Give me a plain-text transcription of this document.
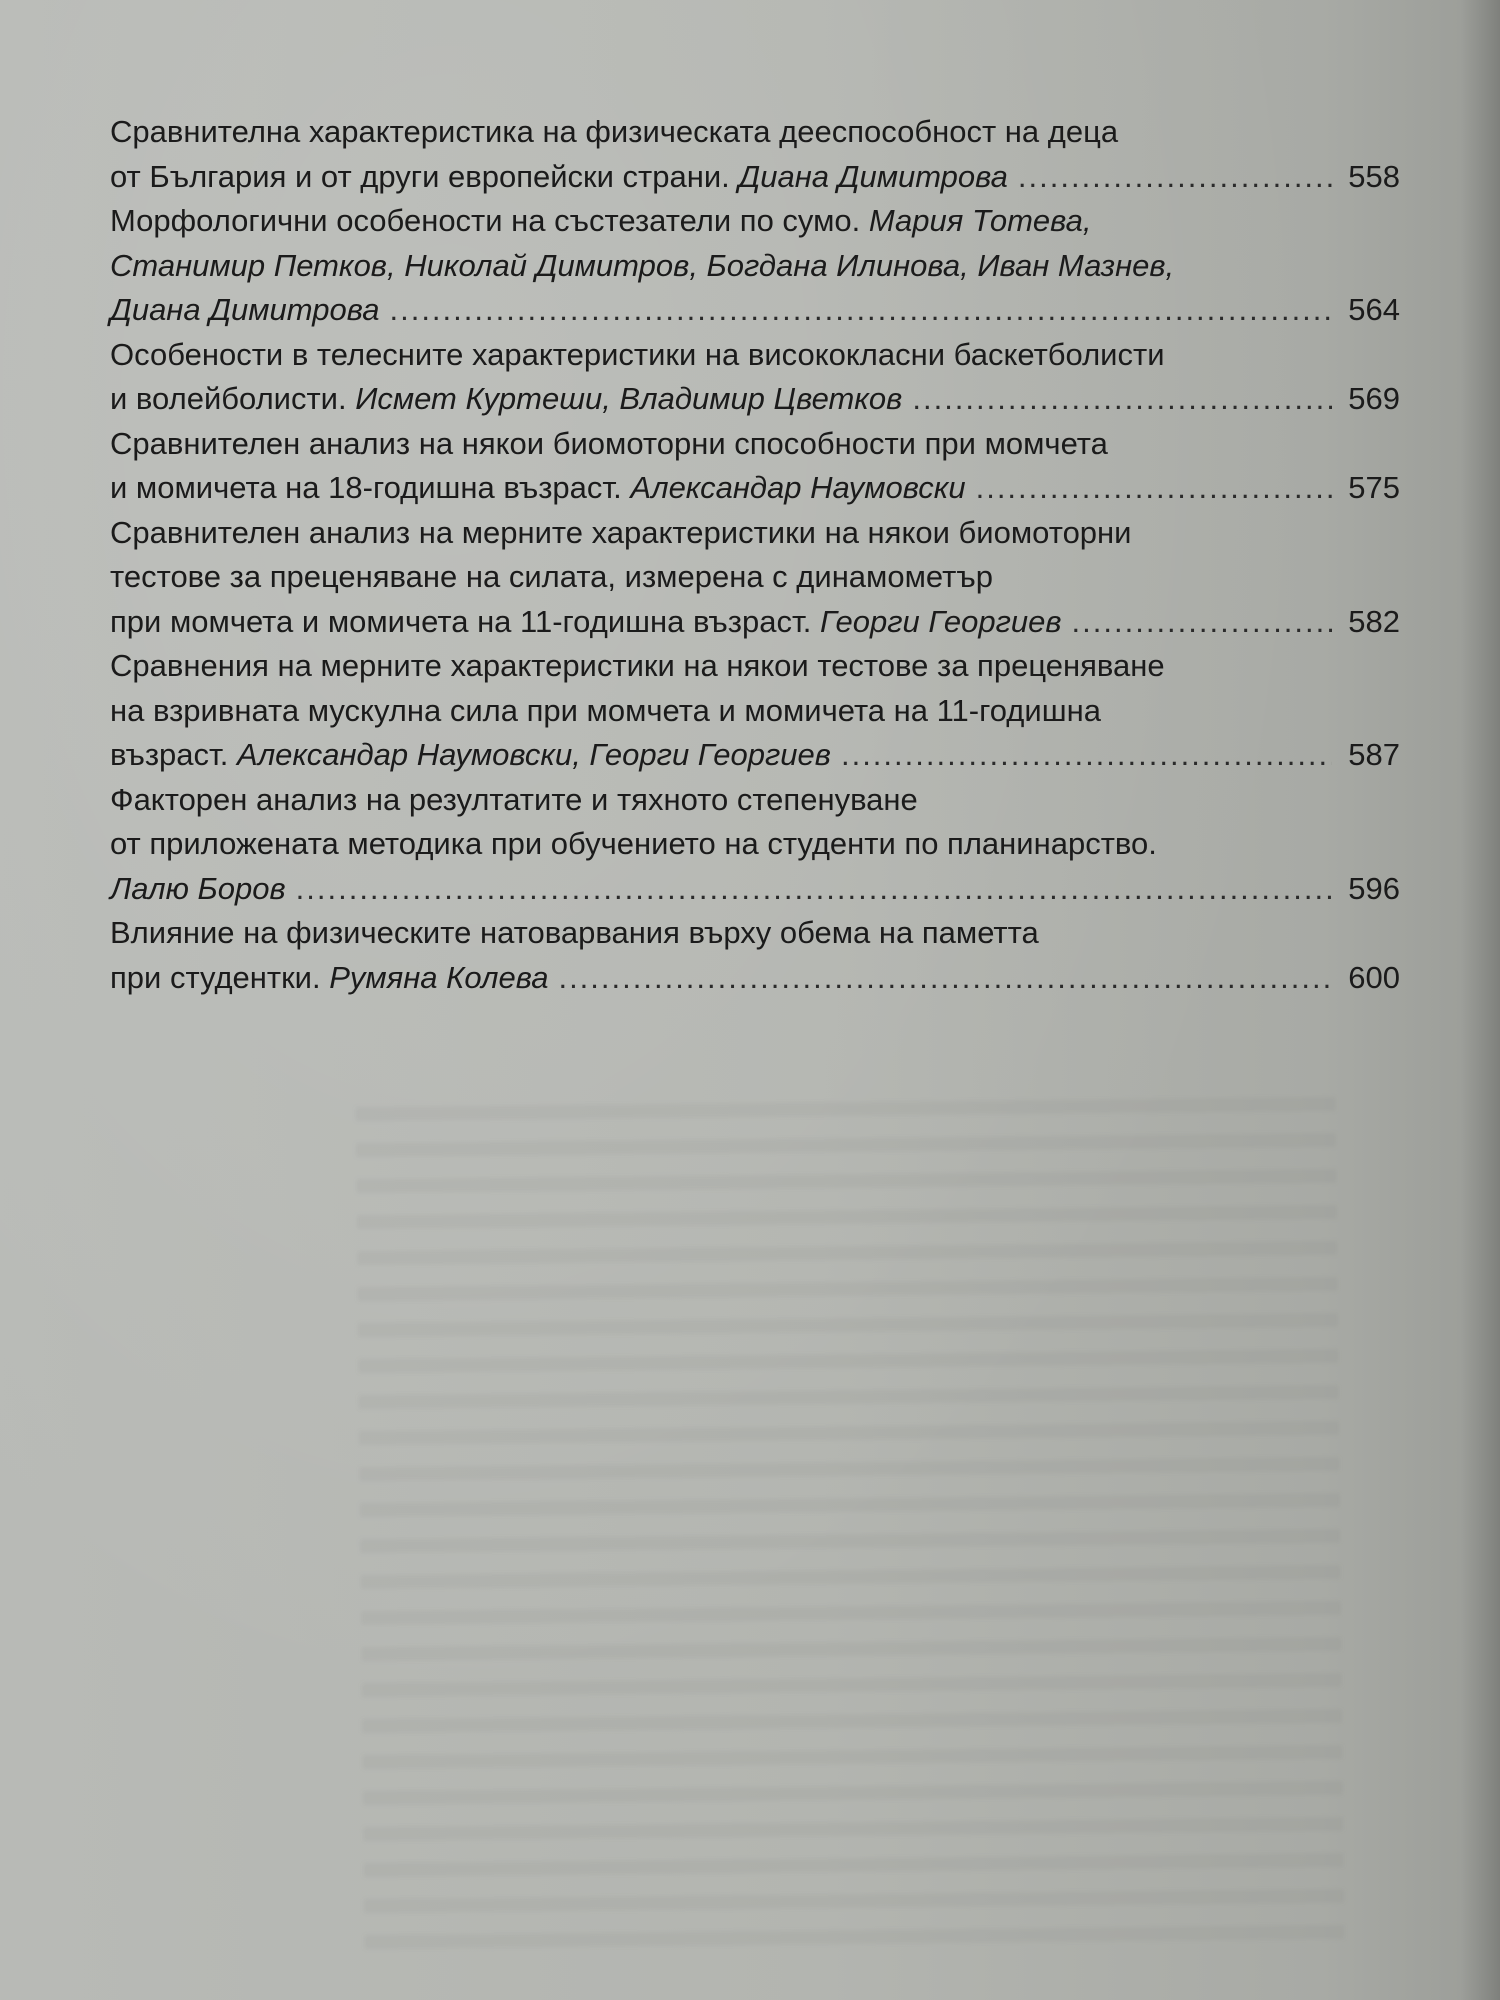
Сравнителна характеристика на физическата дееспособност на деца
от България и от други европейски страни. Диана Димитрова .....	558
Морфологични особености на състезатели по сумо. Мария Тотева,
Станимир Петков, Николай Димитров, Богдана Илинова, Иван Мазнев,
Диана Димитрова .....	564
Особености в телесните характеристики на висококласни баскетболисти
и волейболисти. Исмет Куртеши, Владимир Цветков .....	569
Сравнителен анализ на някои биомоторни способности при момчета
и момичета на 18-годишна възраст. Александар Наумовски .....	575
Сравнителен анализ на мерните характеристики на някои биомоторни
тестове за преценяване на силата, измерена с динамометър
при момчета и момичета на 11-годишна възраст. Георги Георгиев .....	582
Сравнения на мерните характеристики на някои тестове за преценяване
на взривната мускулна сила при момчета и момичета на 11-годишна
възраст. Александар Наумовски, Георги Георгиев .....	587
Факторен анализ на резултатите и тяхното степенуване
от приложената методика при обучението на студенти по планинарство.
Лалю Боров .....	596
Влияние на физическите натоварвания върху обема на паметта
при студентки. Румяна Колева .....	600
